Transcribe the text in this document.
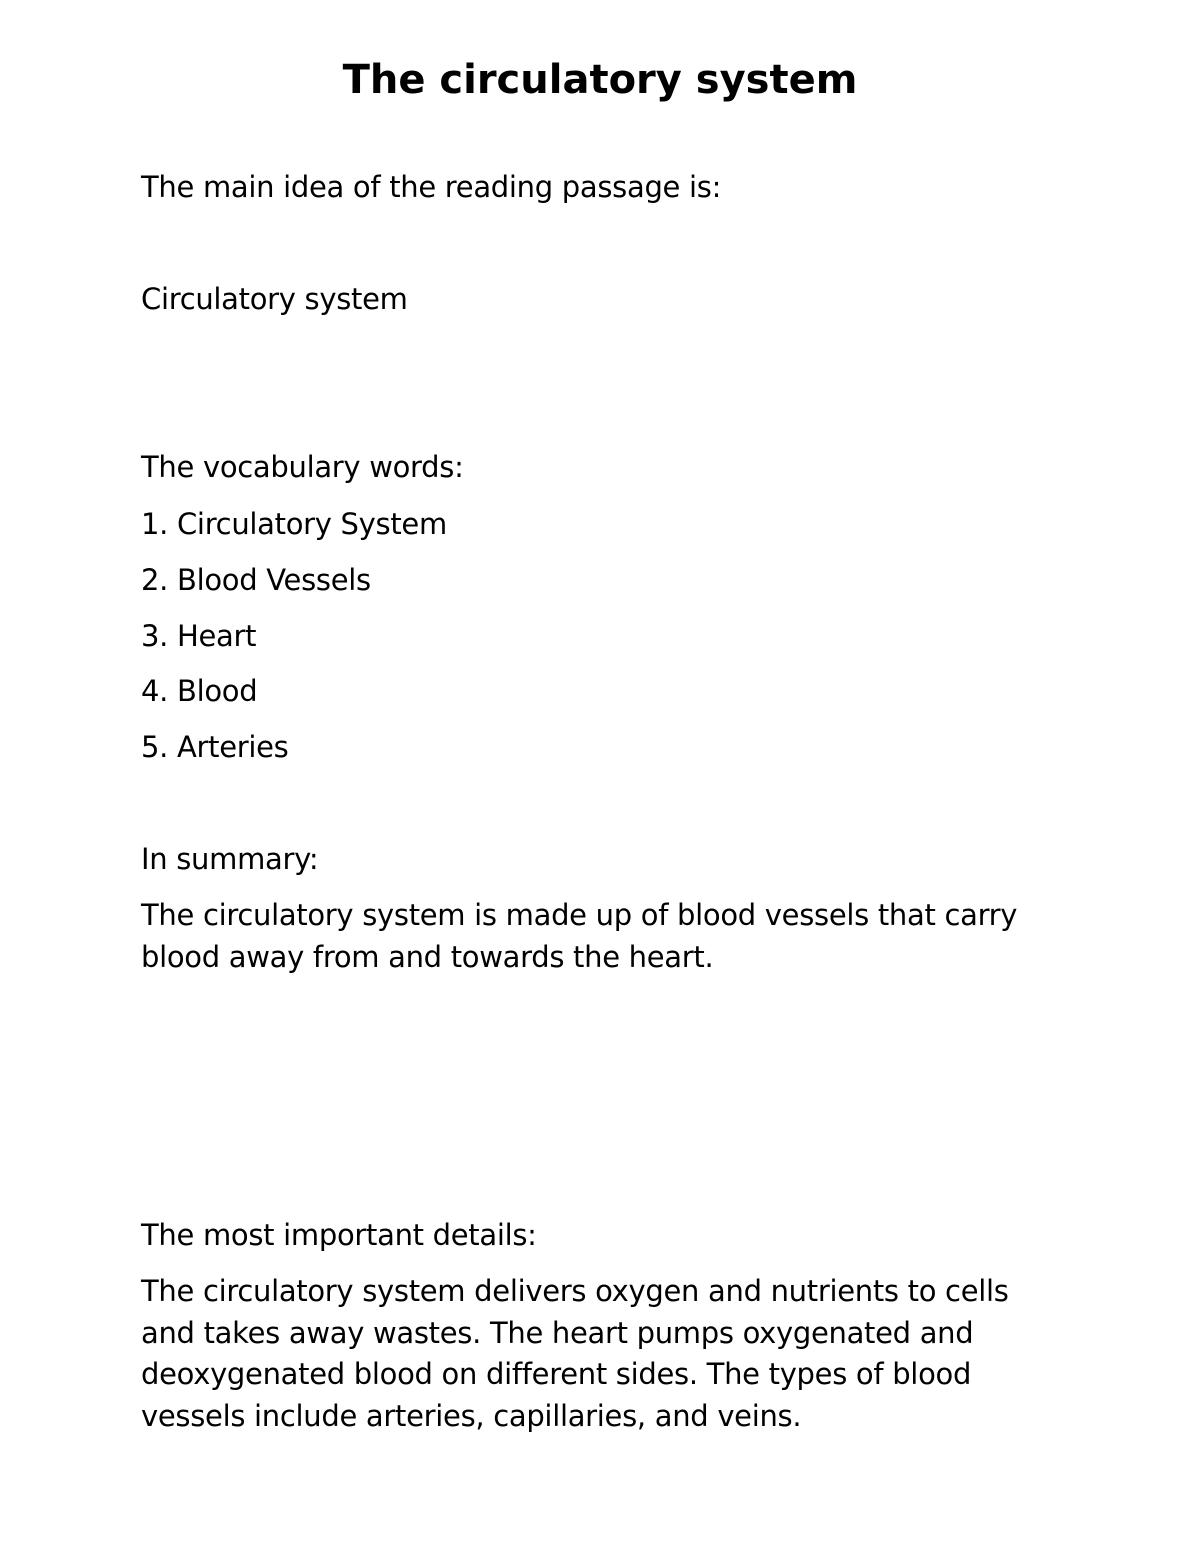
The circulatory system

The main idea of the reading passage is:

Circulatory system

The vocabulary words:

1. Circulatory System
2. Blood Vessels
3. Heart
4. Blood
5. Arteries

In summary:

The circulatory system is made up of blood vessels that carry blood away from and towards the heart.

The most important details:

The circulatory system delivers oxygen and nutrients to cells and takes away wastes. The heart pumps oxygenated and deoxygenated blood on different sides. The types of blood vessels include arteries, capillaries, and veins.
